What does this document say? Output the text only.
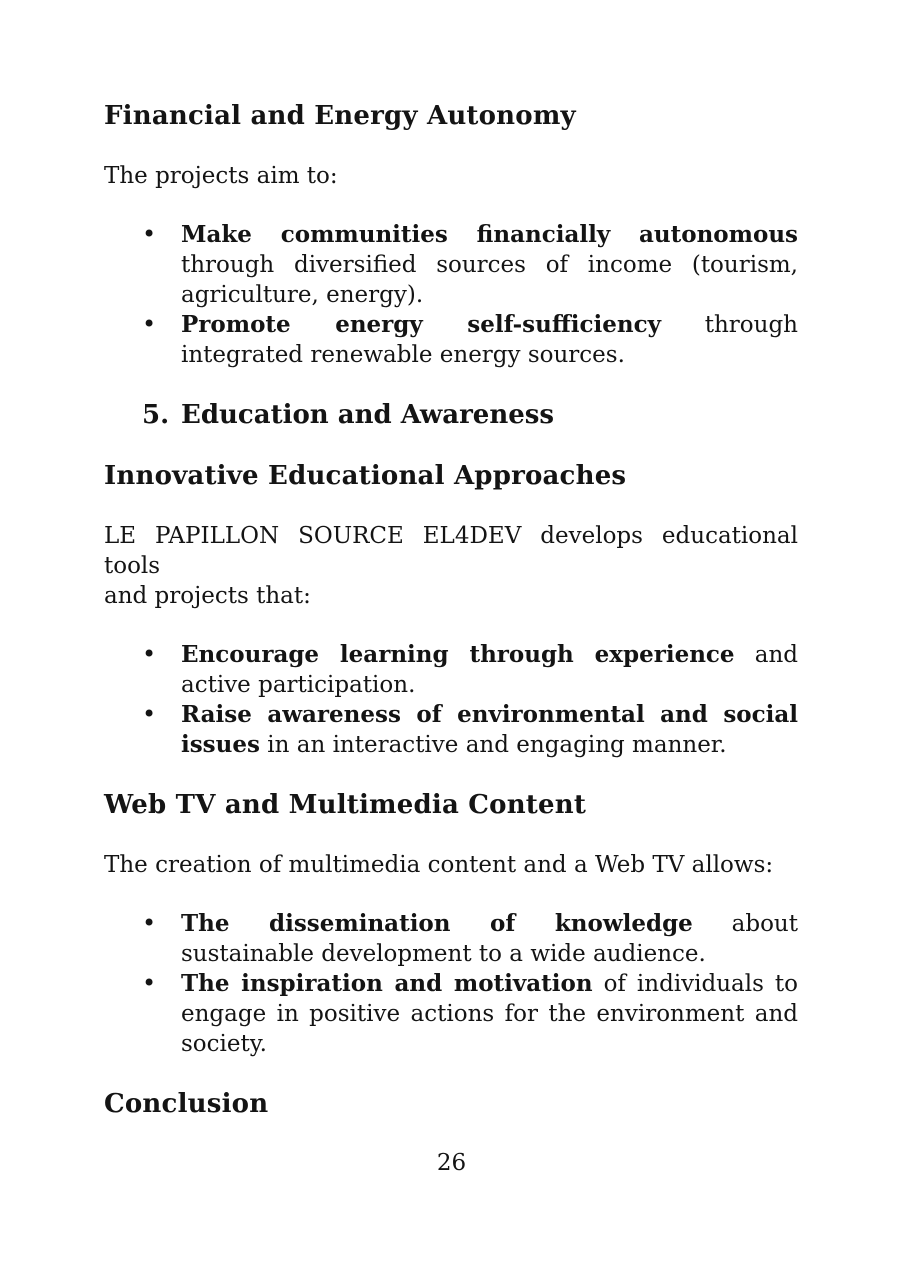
Financial and Energy Autonomy
The projects aim to:
• Make communities financially autonomous
through diversified sources of income (tourism,
agriculture, energy).
• Promote energy self-sufficiency through
integrated renewable energy sources.
5. Education and Awareness
Innovative Educational Approaches
LE PAPILLON SOURCE EL4DEV develops educational tools
and projects that:
• Encourage learning through experience and
active participation.
• Raise awareness of environmental and social
issues in an interactive and engaging manner.
Web TV and Multimedia Content
The creation of multimedia content and a Web TV allows:
• The dissemination of knowledge about
sustainable development to a wide audience.
• The inspiration and motivation of individuals to
engage in positive actions for the environment and
society.
Conclusion
26
